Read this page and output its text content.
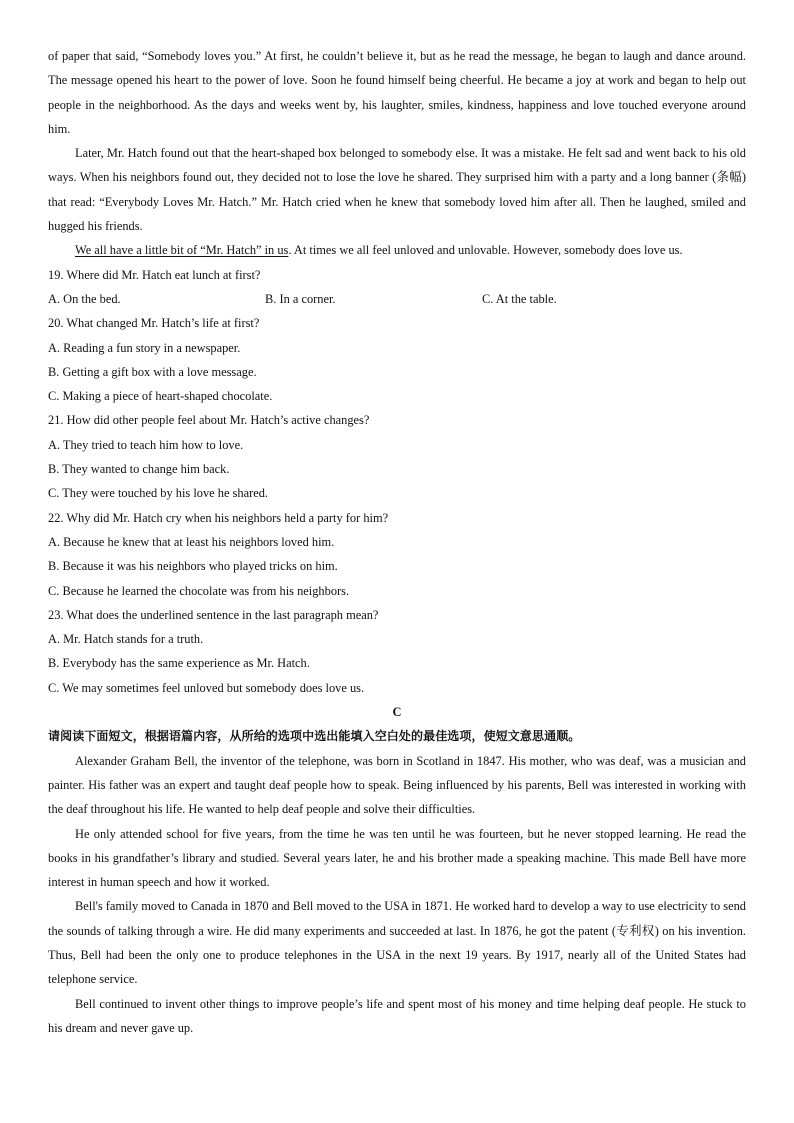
of paper that said, “Somebody loves you.” At first, he couldn’t believe it, but as he read the message, he began to laugh and dance around. The message opened his heart to the power of love. Soon he found himself being cheerful. He became a joy at work and began to help out people in the neighborhood. As the days and weeks went by, his laughter, smiles, kindness, happiness and love touched everyone around him.

Later, Mr. Hatch found out that the heart-shaped box belonged to somebody else. It was a mistake. He felt sad and went back to his old ways. When his neighbors found out, they decided not to lose the love he shared. They surprised him with a party and a long banner (条幅) that read: “Everybody Loves Mr. Hatch.” Mr. Hatch cried when he knew that somebody loved him after all. Then he laughed, smiled and hugged his friends.

We all have a little bit of “Mr. Hatch” in us. At times we all feel unloved and unlovable. However, somebody does love us.

19. Where did Mr. Hatch eat lunch at first?

A. On the bed.	B. In a corner.	C. At the table.

20. What changed Mr. Hatch’s life at first?

A. Reading a fun story in a newspaper.

B. Getting a gift box with a love message.

C. Making a piece of heart-shaped chocolate.

21. How did other people feel about Mr. Hatch’s active changes?

A. They tried to teach him how to love.

B. They wanted to change him back.

C. They were touched by his love he shared.

22. Why did Mr. Hatch cry when his neighbors held a party for him?

A. Because he knew that at least his neighbors loved him.

B. Because it was his neighbors who played tricks on him.

C. Because he learned the chocolate was from his neighbors.

23. What does the underlined sentence in the last paragraph mean?

A. Mr. Hatch stands for a truth.

B. Everybody has the same experience as Mr. Hatch.

C. We may sometimes feel unloved but somebody does love us.

C

请阅读下面短文，根据语篇内容，从所给的选项中选出能填入空白处的最佳选项，使短文意思通顺。

Alexander Graham Bell, the inventor of the telephone, was born in Scotland in 1847. His mother, who was deaf, was a musician and painter. His father was an expert and taught deaf people how to speak. Being influenced by his parents, Bell was interested in working with the deaf throughout his life. He wanted to help deaf people and solve their difficulties.

He only attended school for five years, from the time he was ten until he was fourteen, but he never stopped learning. He read the books in his grandfather’s library and studied. Several years later, he and his brother made a speaking machine. This made Bell have more interest in human speech and how it worked.

Bell's family moved to Canada in 1870 and Bell moved to the USA in 1871. He worked hard to develop a way to use electricity to send the sounds of talking through a wire. He did many experiments and succeeded at last. In 1876, he got the patent (专利权) on his invention. Thus, Bell had been the only one to produce telephones in the USA in the next 19 years. By 1917, nearly all of the United States had telephone service.

Bell continued to invent other things to improve people’s life and spent most of his money and time helping deaf people. He stuck to his dream and never gave up.
